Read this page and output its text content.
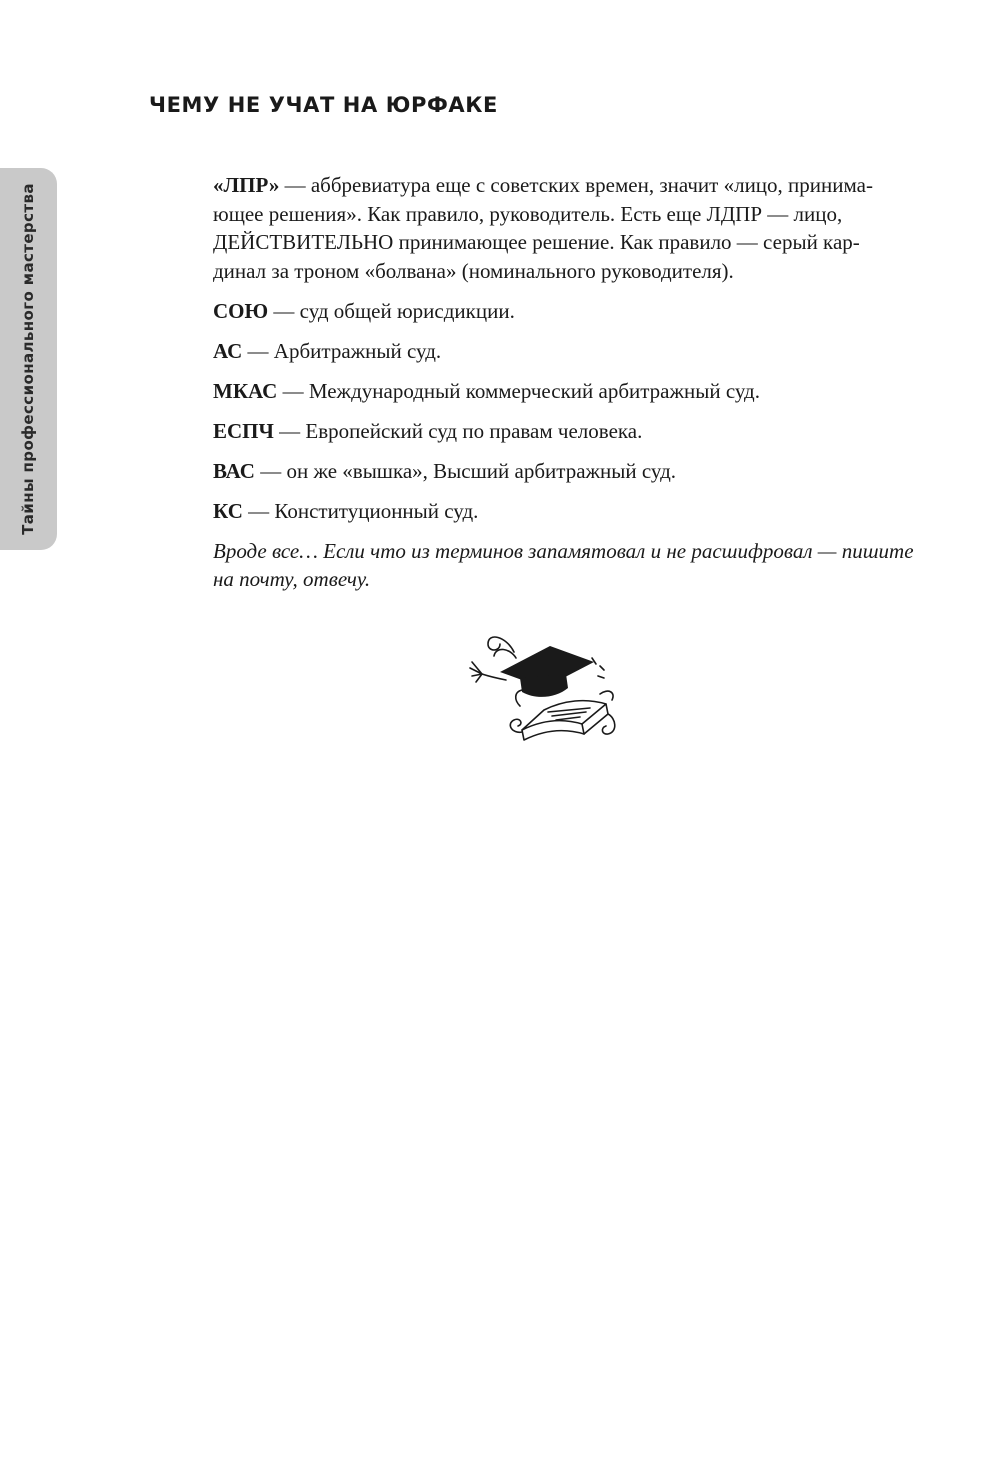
ЧЕМУ НЕ УЧАТ НА ЮРФАКЕ
Тайны профессионального мастерства	«ЛПР» — аббревиатура еще с советских времен, значит «лицо, принима-
ющее решения». Как правило, руководитель. Есть еще ЛДПР — лицо,
ДЕЙСТВИТЕЛЬНО принимающее решение. Как правило — серый кар-
динал за троном «болвана» (номинального руководителя).

СОЮ — суд общей юрисдикции.

АС — Арбитражный суд.

МКАС — Международный коммерческий арбитражный суд.

ЕСПЧ — Европейский суд по правам человека.

ВАС — он же «вышка», Высший арбитражный суд.

КС — Конституционный суд.

Вроде все… Если что из терминов запамятовал и не расшифровал — пишите
на почту, отвечу.
